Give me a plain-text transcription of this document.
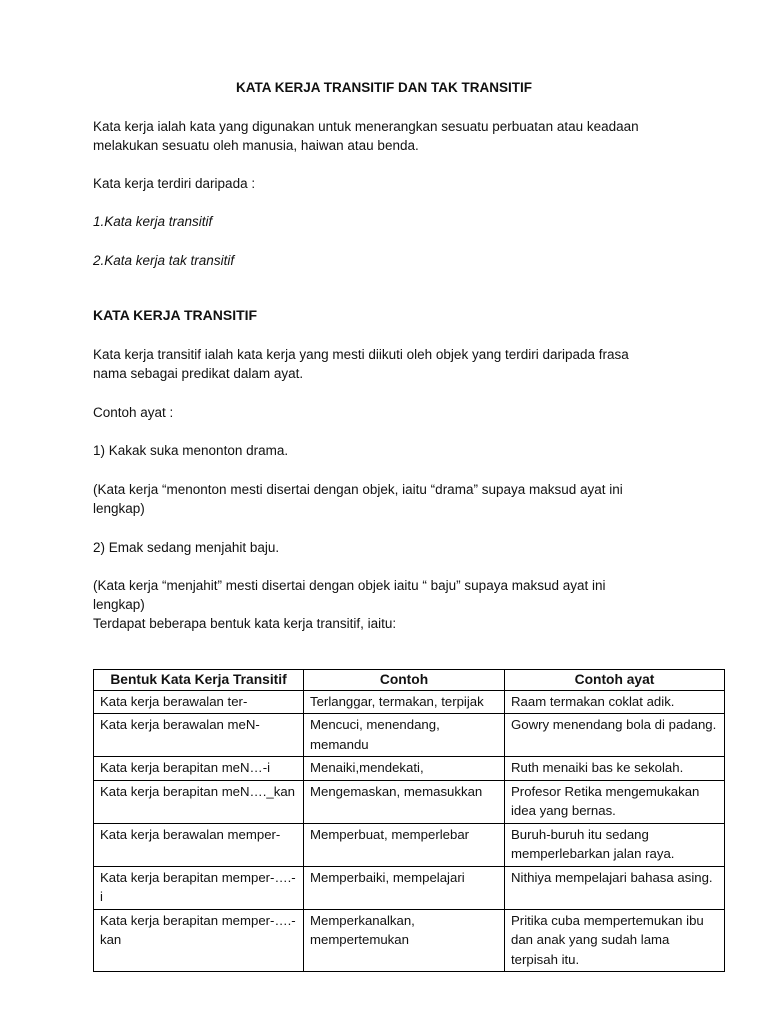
KATA KERJA TRANSITIF DAN TAK TRANSITIF

Kata kerja ialah kata yang digunakan untuk menerangkan sesuatu perbuatan atau keadaan
melakukan sesuatu oleh manusia, haiwan atau benda.

Kata kerja terdiri daripada :

1.Kata kerja transitif

2.Kata kerja tak transitif

KATA KERJA TRANSITIF

Kata kerja transitif ialah kata kerja yang mesti diikuti oleh objek yang terdiri daripada frasa
nama sebagai predikat dalam ayat.

Contoh ayat :

1) Kakak suka menonton drama.

(Kata kerja “menonton mesti disertai dengan objek, iaitu “drama” supaya maksud ayat ini
lengkap)

2) Emak sedang menjahit baju.

(Kata kerja “menjahit” mesti disertai dengan objek iaitu “ baju” supaya maksud ayat ini
lengkap)
Terdapat beberapa bentuk kata kerja transitif, iaitu:

Bentuk Kata Kerja Transitif	Contoh	Contoh ayat
Kata kerja berawalan ter-	Terlanggar, termakan, terpijak	Raam termakan coklat adik.
Kata kerja berawalan meN-	Mencuci, menendang, memandu	Gowry menendang bola di padang.
Kata kerja berapitan meN…-i	Menaiki,mendekati,	Ruth menaiki bas ke sekolah.
Kata kerja berapitan meN…._kan	Mengemaskan, memasukkan	Profesor Retika mengemukakan idea yang bernas.
Kata kerja berawalan memper-	Memperbuat, memperlebar	Buruh-buruh itu sedang memperlebarkan jalan raya.
Kata kerja berapitan memper-….-i	Memperbaiki, mempelajari	Nithiya mempelajari bahasa asing.
Kata kerja berapitan memper-….-kan	Memperkanalkan, mempertemukan	Pritika cuba mempertemukan ibu dan anak yang sudah lama terpisah itu.
